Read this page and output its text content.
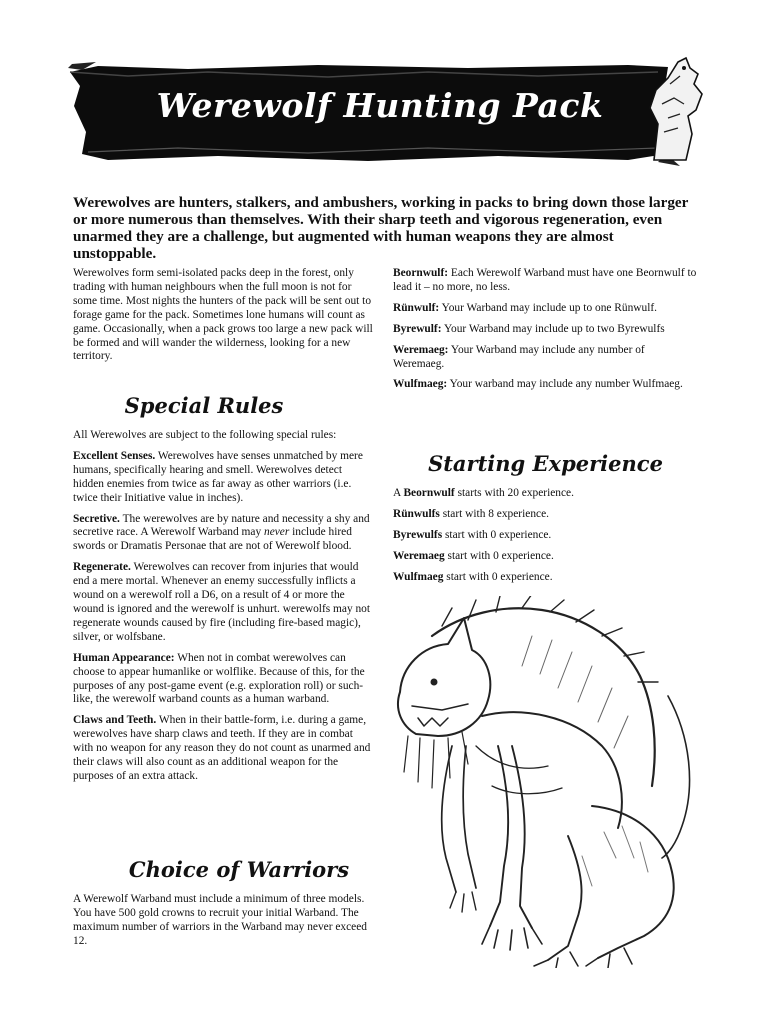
Werewolf Hunting Pack

Werewolves are hunters, stalkers, and ambushers, working in packs to bring down those larger or more numerous than themselves. With their sharp teeth and vigorous regeneration, even unarmed they are a challenge, but augmented with human weapons they are almost unstoppable.

Werewolves form semi-isolated packs deep in the forest, only trading with human neighbours when the full moon is not for some time. Most nights the hunters of the pack will be sent out to forage game for the pack. Sometimes lone humans will count as game. Occasionally, when a pack grows too large a new pack will be formed and will wander the wilderness, looking for a new territory.

Special Rules

All Werewolves are subject to the following special rules:

Excellent Senses. Werewolves have senses unmatched by mere humans, specifically hearing and smell. Werewolves detect hidden enemies from twice as far away as other warriors (i.e. twice their Initiative value in inches).

Secretive. The werewolves are by nature and necessity a shy and secretive race. A Werewolf Warband may never include hired swords or Dramatis Personae that are not of Werewolf blood.

Regenerate. Werewolves can recover from injuries that would end a mere mortal. Whenever an enemy successfully inflicts a wound on a werewolf roll a D6, on a result of 4 or more the wound is ignored and the werewolf is unhurt. werewolfs may not regenerate wounds caused by fire (including fire-based magic), silver, or wolfsbane.

Human Appearance: When not in combat werewolves can choose to appear humanlike or wolflike. Because of this, for the purposes of any post-game event (e.g. exploration roll) or such-like, the werewolf warband counts as a human warband.

Claws and Teeth. When in their battle-form, i.e. during a game, werewolves have sharp claws and teeth. If they are in combat with no weapon for any reason they do not count as unarmed and their claws will also count as an additional weapon for the purposes of an extra attack.

Choice of Warriors

A Werewolf Warband must include a minimum of three models. You have 500 gold crowns to recruit your initial Warband. The maximum number of warriors in the Warband may never exceed 12.

Beornwulf: Each Werewolf Warband must have one Beornwulf to lead it – no more, no less.

Rünwulf: Your Warband may include up to one Rünwulf.

Byrewulf: Your Warband may include up to two Byrewulfs

Weremaeg: Your Warband may include any number of Weremaeg.

Wulfmaeg: Your warband may include any number Wulfmaeg.

Starting Experience

A Beornwulf starts with 20 experience.

Rünwulfs start with 8 experience.

Byrewulfs start with 0 experience.

Weremaeg start with 0 experience.

Wulfmaeg start with 0 experience.
